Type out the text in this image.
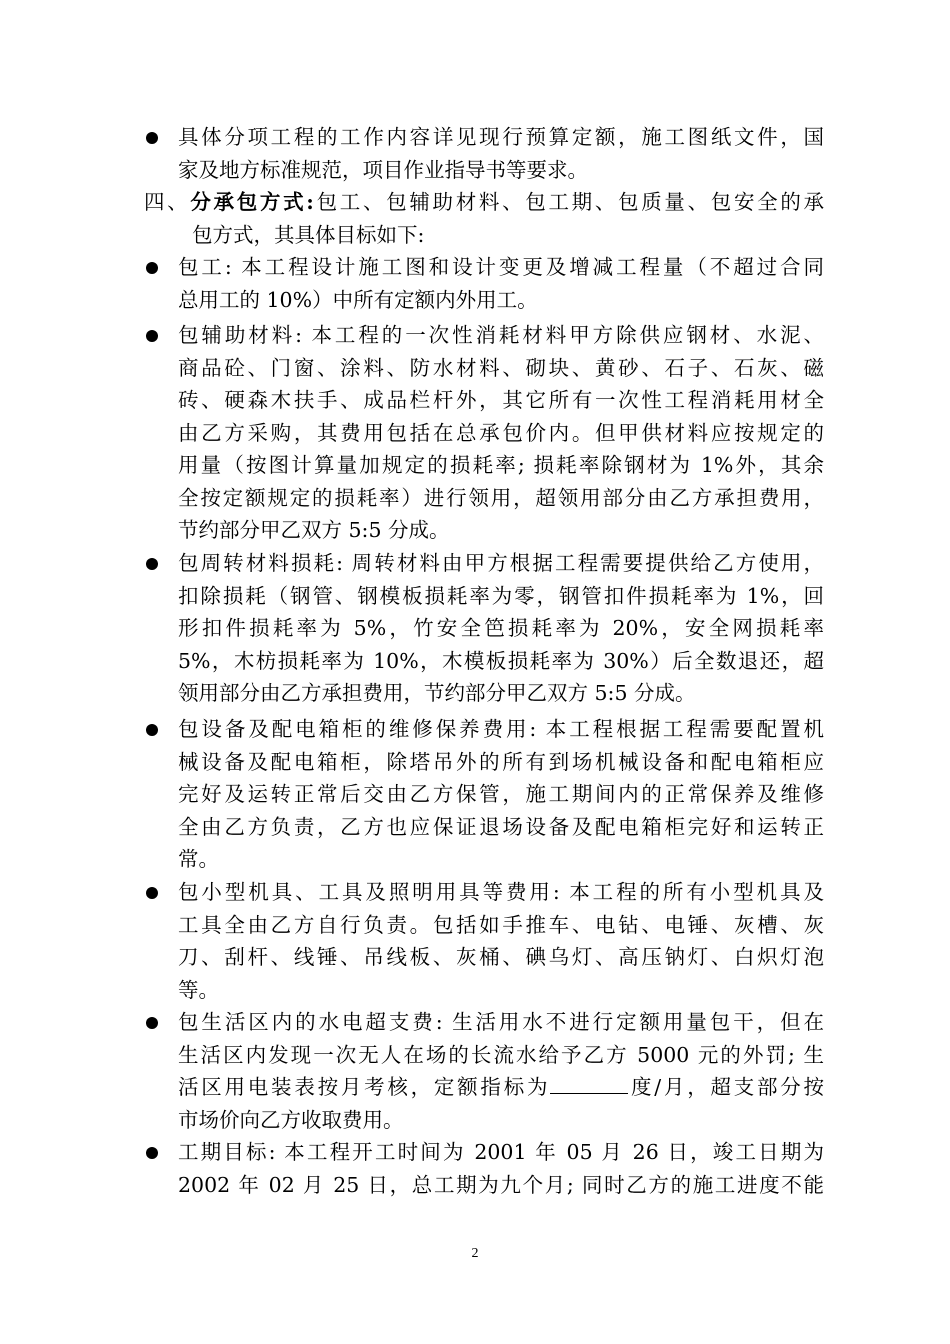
具体分项工程的工作内容详见现行预算定额，施工图纸文件，国
家及地方标准规范，项目作业指导书等要求。
四、分承包方式:包工、包辅助材料、包工期、包质量、包安全的承
包方式，其具体目标如下:
包工: 本工程设计施工图和设计变更及增减工程量（不超过合同
总用工的 10%）中所有定额内外用工。
包辅助材料: 本工程的一次性消耗材料甲方除供应钢材、水泥、
商品砼、门窗、涂料、防水材料、砌块、黄砂、石子、石灰、磁
砖、硬森木扶手、成品栏杆外，其它所有一次性工程消耗用材全
由乙方采购，其费用包括在总承包价内。但甲供材料应按规定的
用量（按图计算量加规定的损耗率; 损耗率除钢材为 1%外，其余
全按定额规定的损耗率）进行领用，超领用部分由乙方承担费用，
节约部分甲乙双方 5:5 分成。
包周转材料损耗: 周转材料由甲方根据工程需要提供给乙方使用，
扣除损耗（钢管、钢模板损耗率为零，钢管扣件损耗率为 1%，回
形扣件损耗率为 5%，竹安全笆损耗率为 20%，安全网损耗率
5%，木枋损耗率为 10%，木模板损耗率为 30%）后全数退还，超
领用部分由乙方承担费用，节约部分甲乙双方 5:5 分成。
包设备及配电箱柜的维修保养费用: 本工程根据工程需要配置机
械设备及配电箱柜，除塔吊外的所有到场机械设备和配电箱柜应
完好及运转正常后交由乙方保管，施工期间内的正常保养及维修
全由乙方负责，乙方也应保证退场设备及配电箱柜完好和运转正
常。
包小型机具、工具及照明用具等费用: 本工程的所有小型机具及
工具全由乙方自行负责。包括如手推车、电钻、电锤、灰槽、灰
刀、刮杆、线锤、吊线板、灰桶、碘乌灯、高压钠灯、白炽灯泡
等。
包生活区内的水电超支费: 生活用水不进行定额用量包干，但在
生活区内发现一次无人在场的长流水给予乙方 5000 元的外罚; 生
活区用电装表按月考核，定额指标为	度/月，超支部分按
市场价向乙方收取费用。
工期目标: 本工程开工时间为 2001 年 05 月 26 日，竣工日期为
2002 年 02 月 25 日，总工期为九个月; 同时乙方的施工进度不能
2
